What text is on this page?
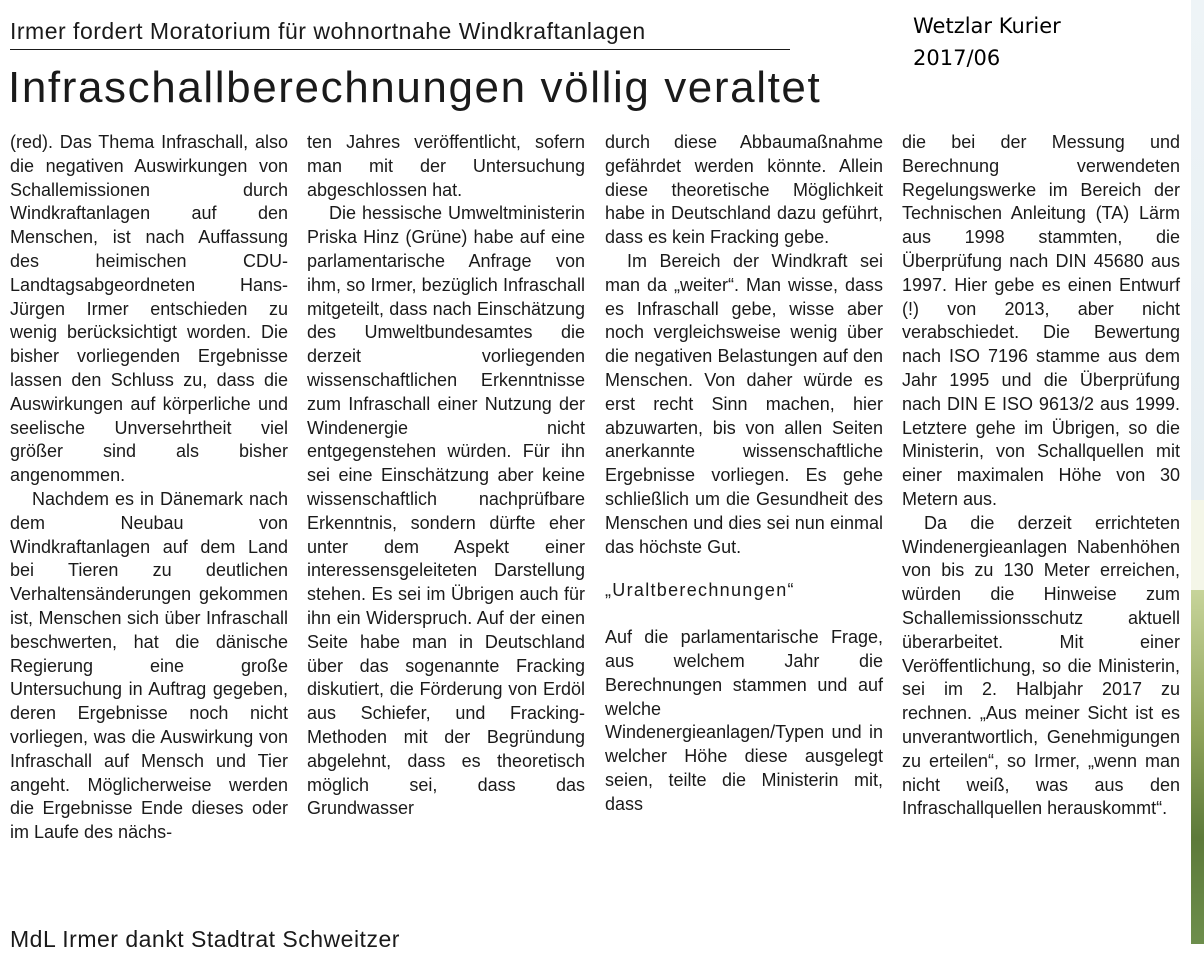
Wetzlar Kurier
2017/06
Irmer fordert Moratorium für wohnortnahe Windkraftanlagen
Infraschallberechnungen völlig veraltet

(red). Das Thema Infraschall, also die negativen Auswirkungen von Schallemissionen durch Windkraftanlagen auf den Menschen, ist nach Auffassung des heimischen CDU-Landtagsabgeordneten Hans-Jürgen Irmer entschieden zu wenig berücksichtigt worden. Die bisher vorliegenden Ergebnisse lassen den Schluss zu, dass die Auswirkungen auf körperliche und seelische Unversehrtheit viel größer sind als bisher angenommen.

Nachdem es in Dänemark nach dem Neubau von Windkraftanlagen auf dem Land bei Tieren zu deutlichen Verhaltensänderungen gekommen ist, Menschen sich über Infraschall beschwerten, hat die dänische Regierung eine große Untersuchung in Auftrag gegeben, deren Ergebnisse noch nicht vorliegen, was die Auswirkung von Infraschall auf Mensch und Tier angeht. Möglicherweise werden die Ergebnisse Ende dieses oder im Laufe des nächs-

ten Jahres veröffentlicht, sofern man mit der Untersuchung abgeschlossen hat.

Die hessische Umweltministerin Priska Hinz (Grüne) habe auf eine parlamentarische Anfrage von ihm, so Irmer, bezüglich Infraschall mitgeteilt, dass nach Einschätzung des Umweltbundesamtes die derzeit vorliegenden wissenschaftlichen Erkenntnisse zum Infraschall einer Nutzung der Windenergie nicht entgegenstehen würden. Für ihn sei eine Einschätzung aber keine wissenschaftlich nachprüfbare Erkenntnis, sondern dürfte eher unter dem Aspekt einer interessensgeleiteten Darstellung stehen. Es sei im Übrigen auch für ihn ein Widerspruch. Auf der einen Seite habe man in Deutschland über das sogenannte Fracking diskutiert, die Förderung von Erdöl aus Schiefer, und Fracking-Methoden mit der Begründung abgelehnt, dass es theoretisch möglich sei, dass das Grundwasser

durch diese Abbaumaßnahme gefährdet werden könnte. Allein diese theoretische Möglichkeit habe in Deutschland dazu geführt, dass es kein Fracking gebe.

Im Bereich der Windkraft sei man da „weiter“. Man wisse, dass es Infraschall gebe, wisse aber noch vergleichsweise wenig über die negativen Belastungen auf den Menschen. Von daher würde es erst recht Sinn machen, hier abzuwarten, bis von allen Seiten anerkannte wissenschaftliche Ergebnisse vorliegen. Es gehe schließlich um die Gesundheit des Menschen und dies sei nun einmal das höchste Gut.

„Uraltberechnungen“

Auf die parlamentarische Frage, aus welchem Jahr die Berechnungen stammen und auf welche Windenergieanlagen/Typen und in welcher Höhe diese ausgelegt seien, teilte die Ministerin mit, dass

die bei der Messung und Berechnung verwendeten Regelungswerke im Bereich der Technischen Anleitung (TA) Lärm aus 1998 stammten, die Überprüfung nach DIN 45680 aus 1997. Hier gebe es einen Entwurf (!) von 2013, aber nicht verabschiedet. Die Bewertung nach ISO 7196 stamme aus dem Jahr 1995 und die Überprüfung nach DIN E ISO 9613/2 aus 1999. Letztere gehe im Übrigen, so die Ministerin, von Schallquellen mit einer maximalen Höhe von 30 Metern aus.

Da die derzeit errichteten Windenergieanlagen Nabenhöhen von bis zu 130 Meter erreichen, würden die Hinweise zum Schallemissionsschutz aktuell überarbeitet. Mit einer Veröffentlichung, so die Ministerin, sei im 2. Halbjahr 2017 zu rechnen. „Aus meiner Sicht ist es unverantwortlich, Genehmigungen zu erteilen“, so Irmer, „wenn man nicht weiß, was aus den Infraschallquellen herauskommt“.

MdL Irmer dankt Stadtrat Schweitzer
